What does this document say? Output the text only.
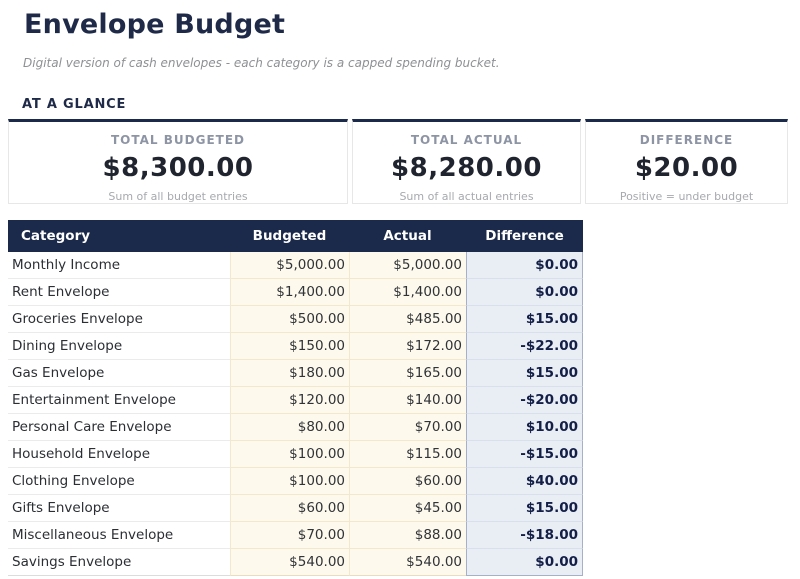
Envelope Budget

Digital version of cash envelopes - each category is a capped spending bucket.

AT A GLANCE
TOTAL BUDGETED
$8,300.00
Sum of all budget entries
TOTAL ACTUAL
$8,280.00
Sum of all actual entries
DIFFERENCE
$20.00
Positive = under budget
Category	Budgeted	Actual	Difference
Monthly Income	$5,000.00	$5,000.00	$0.00
Rent Envelope	$1,400.00	$1,400.00	$0.00
Groceries Envelope	$500.00	$485.00	$15.00
Dining Envelope	$150.00	$172.00	-$22.00
Gas Envelope	$180.00	$165.00	$15.00
Entertainment Envelope	$120.00	$140.00	-$20.00
Personal Care Envelope	$80.00	$70.00	$10.00
Household Envelope	$100.00	$115.00	-$15.00
Clothing Envelope	$100.00	$60.00	$40.00
Gifts Envelope	$60.00	$45.00	$15.00
Miscellaneous Envelope	$70.00	$88.00	-$18.00
Savings Envelope	$540.00	$540.00	$0.00
